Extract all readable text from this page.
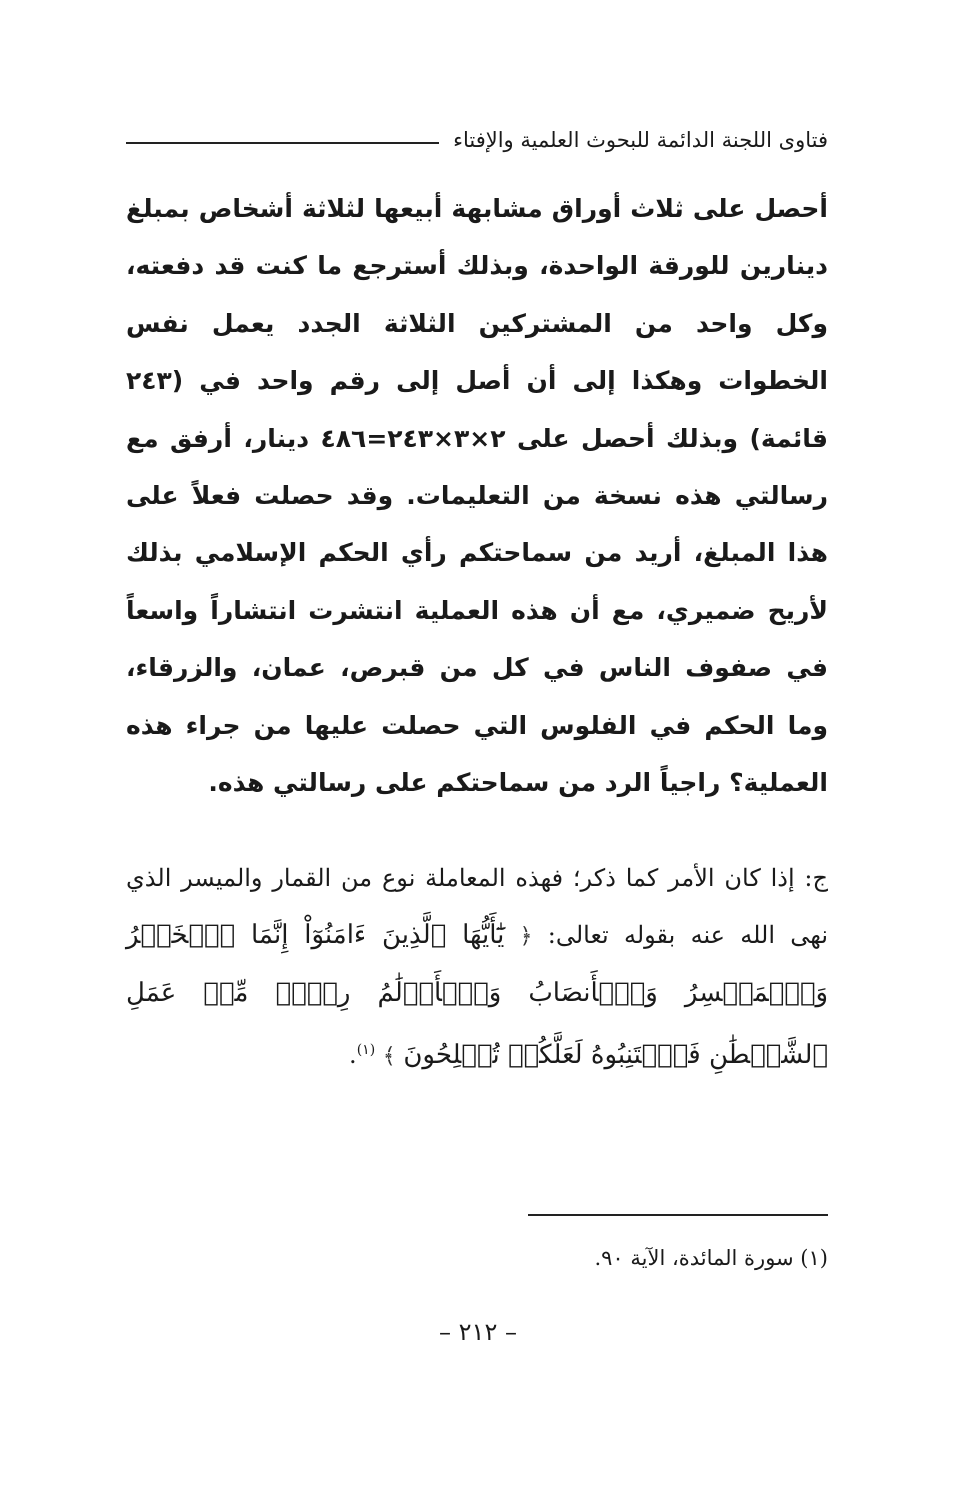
فتاوى اللجنة الدائمة للبحوث العلمية والإفتاء

أحصل على ثلاث أوراق مشابهة أبيعها لثلاثة أشخاص بمبلغ دينارين للورقة الواحدة، وبذلك أسترجع ما كنت قد دفعته، وكل واحد من المشتركين الثلاثة الجدد يعمل نفس الخطوات وهكذا إلى أن أصل إلى رقم واحد في (٢٤٣ قائمة) وبذلك أحصل على ٢×٣×٢٤٣=٤٨٦ دينار، أرفق مع رسالتي هذه نسخة من التعليمات. وقد حصلت فعلاً على هذا المبلغ، أريد من سماحتكم رأي الحكم الإسلامي بذلك لأريح ضميري، مع أن هذه العملية انتشرت انتشاراً واسعاً في صفوف الناس في كل من قبرص، عمان، والزرقاء، وما الحكم في الفلوس التي حصلت عليها من جراء هذه العملية؟ راجياً الرد من سماحتكم على رسالتي هذه.

ج: إذا كان الأمر كما ذكر؛ فهذه المعاملة نوع من القمار والميسر الذي نهى الله عنه بقوله تعالى: ﴿ يَٰٓأَيُّهَا ٱلَّذِينَ ءَامَنُوٓاْ إِنَّمَا ٱلۡخَمۡرُ وَٱلۡمَيۡسِرُ وَٱلۡأَنصَابُ وَٱلۡأَزۡلَٰمُ رِجۡسٞ مِّنۡ عَمَلِ ٱلشَّيۡطَٰنِ فَٱجۡتَنِبُوهُ لَعَلَّكُمۡ تُفۡلِحُونَ ﴾ $^{(١)}$.

(١) سورة المائدة، الآية ٩٠.

– ٢١٢ –
